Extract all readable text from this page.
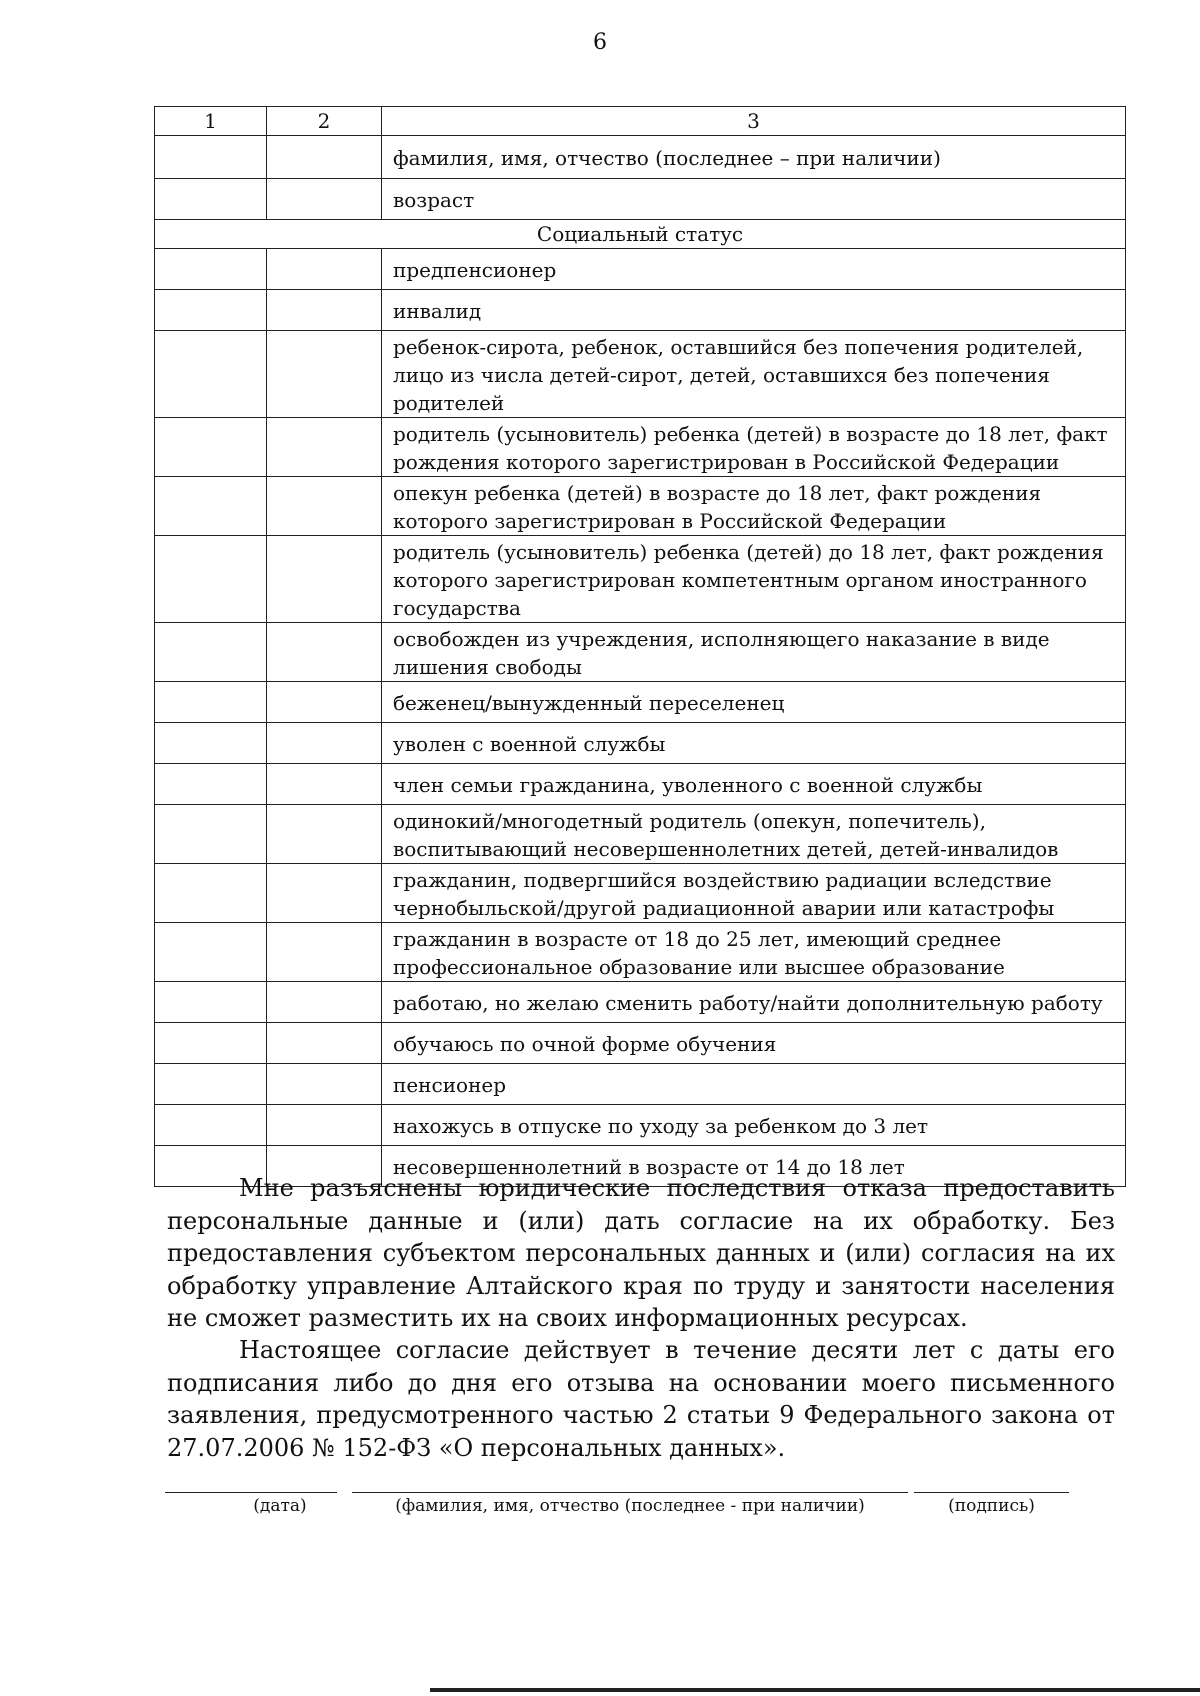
6
1	2	3
		фамилия, имя, отчество (последнее – при наличии)
		возраст
Социальный статус		
		предпенсионер
		инвалид
		ребенок-сирота, ребенок, оставшийся без попечения родителей, лицо из числа детей-сирот, детей, оставшихся без попечения родителей
		родитель (усыновитель) ребенка (детей) в возрасте до 18 лет, факт рождения которого зарегистрирован в Российской Федерации
		опекун ребенка (детей) в возрасте до 18 лет, факт рождения которого зарегистрирован в Российской Федерации
		родитель (усыновитель) ребенка (детей) до 18 лет, факт рождения которого зарегистрирован компетентным органом иностранного государства
		освобожден из учреждения, исполняющего наказание в виде лишения свободы
		беженец/вынужденный переселенец
		уволен с военной службы
		член семьи гражданина, уволенного с военной службы
		одинокий/многодетный родитель (опекун, попечитель), воспитывающий несовершеннолетних детей, детей-инвалидов
		гражданин, подвергшийся воздействию радиации вследствие чернобыльской/другой радиационной аварии или катастрофы
		гражданин в возрасте от 18 до 25 лет, имеющий среднее профессиональное образование или высшее образование
		работаю, но желаю сменить работу/найти дополнительную работу
		обучаюсь по очной форме обучения
		пенсионер
		нахожусь в отпуске по уходу за ребенком до 3 лет
		несовершеннолетний в возрасте от 14 до 18 лет

Мне разъяснены юридические последствия отказа предоставить персональные данные и (или) дать согласие на их обработку. Без предоставления субъектом персональных данных и (или) согласия на их обработку управление Алтайского края по труду и занятости населения не сможет разместить их на своих информационных ресурсах.

Настоящее согласие действует в течение десяти лет с даты его подписания либо до дня его отзыва на основании моего письменного заявления, предусмотренного частью 2 статьи 9 Федерального закона от 27.07.2006 № 152-ФЗ «О персональных данных».

(дата)	(фамилия, имя, отчество (последнее - при наличии)	(подпись)
